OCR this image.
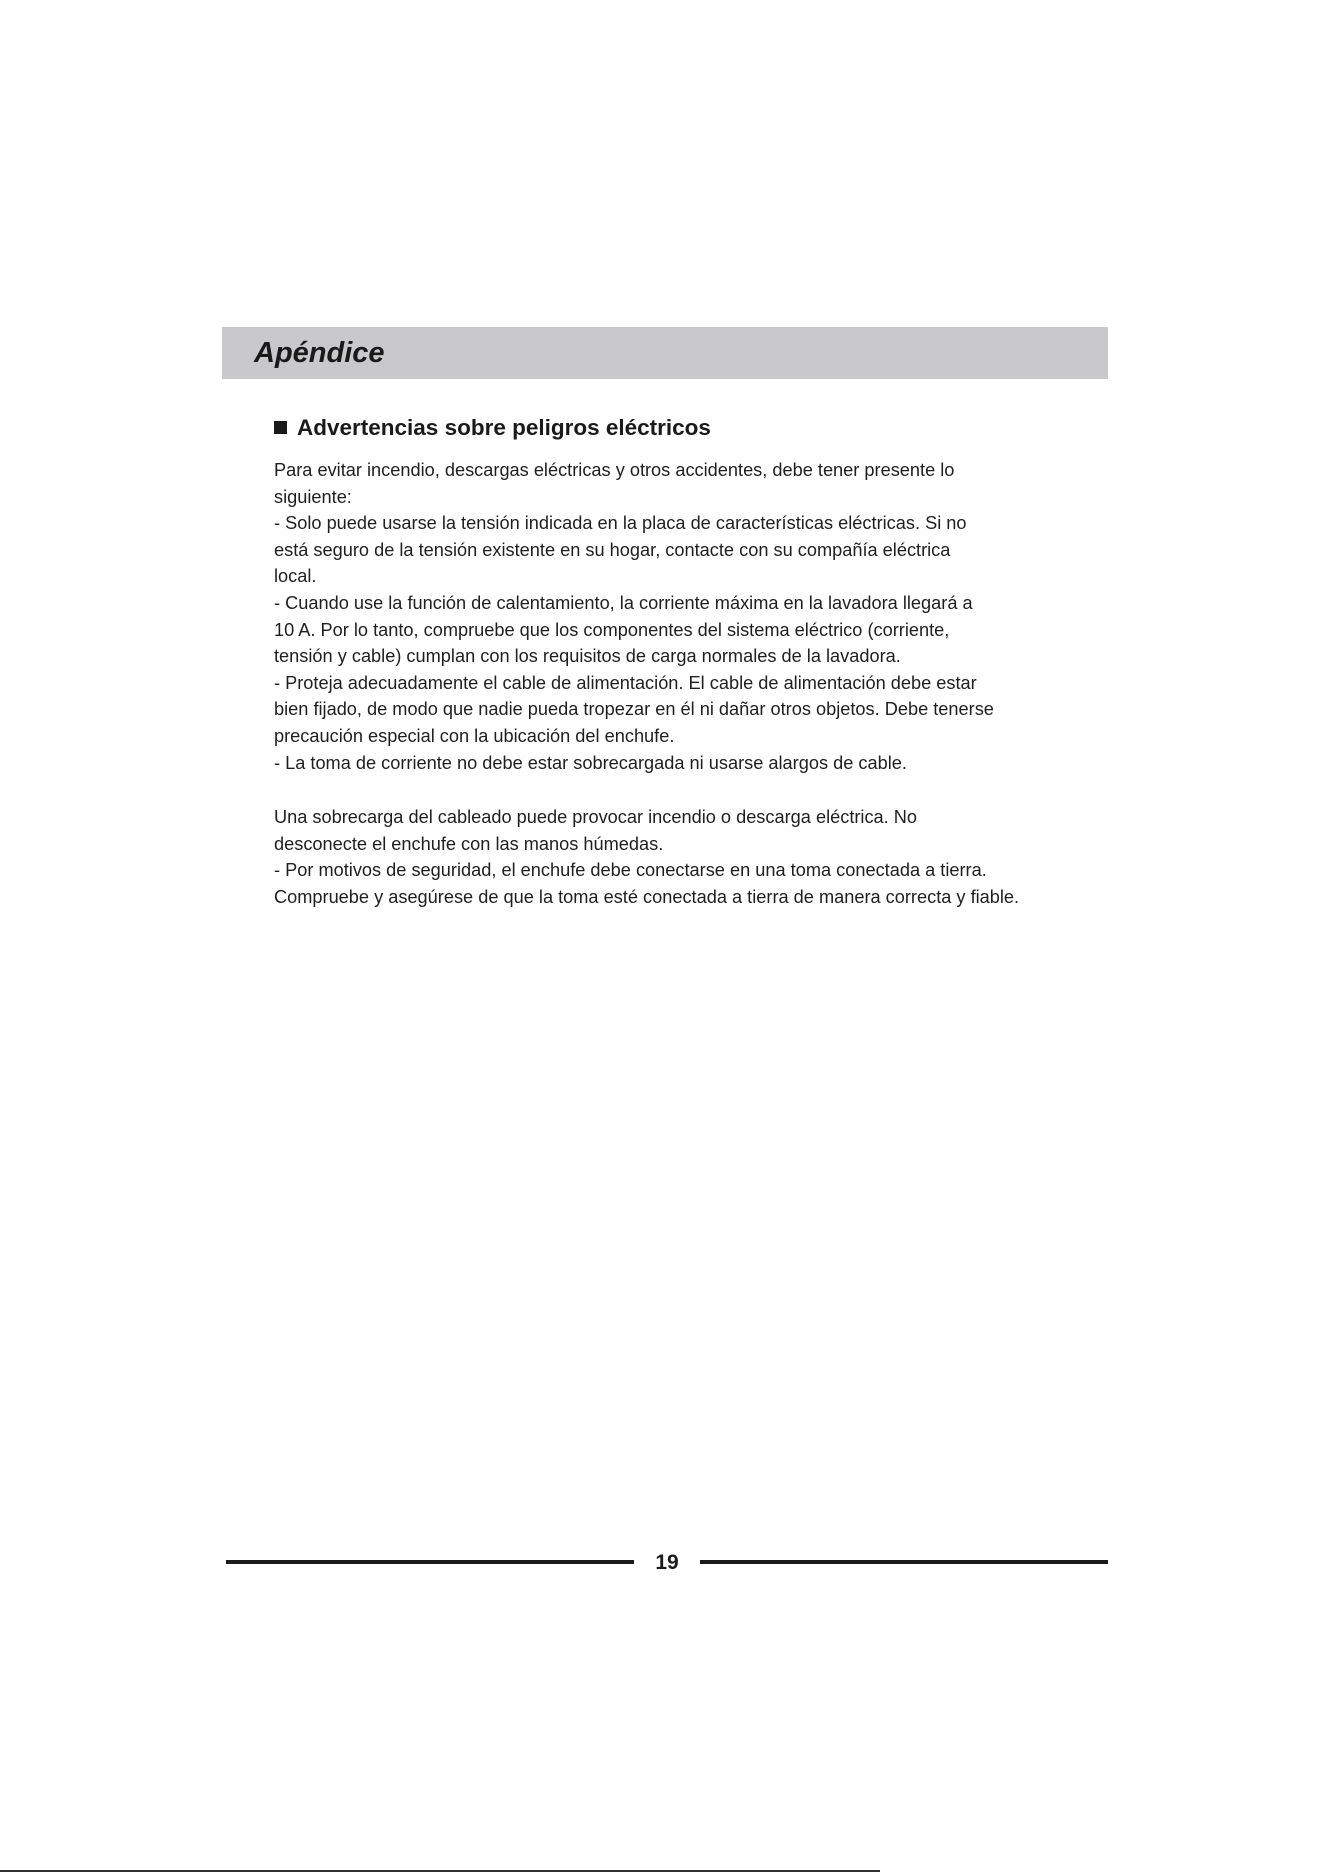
Apéndice
Advertencias sobre peligros eléctricos

Para evitar incendio, descargas eléctricas y otros accidentes, debe tener presente lo

siguiente:

- Solo puede usarse la tensión indicada en la placa de características eléctricas. Si no

está seguro de la tensión existente en su hogar, contacte con su compañía eléctrica

local.

- Cuando use la función de calentamiento, la corriente máxima en la lavadora llegará a

10 A. Por lo tanto, compruebe que los componentes del sistema eléctrico (corriente,

tensión y cable) cumplan con los requisitos de carga normales de la lavadora.

- Proteja adecuadamente el cable de alimentación. El cable de alimentación debe estar

bien fijado, de modo que nadie pueda tropezar en él ni dañar otros objetos. Debe tenerse

precaución especial con la ubicación del enchufe.

- La toma de corriente no debe estar sobrecargada ni usarse alargos de cable.

Una sobrecarga del cableado puede provocar incendio o descarga eléctrica. No

desconecte el enchufe con las manos húmedas.

- Por motivos de seguridad, el enchufe debe conectarse en una toma conectada a tierra.

Compruebe y asegúrese de que la toma esté conectada a tierra de manera correcta y fiable.

19
